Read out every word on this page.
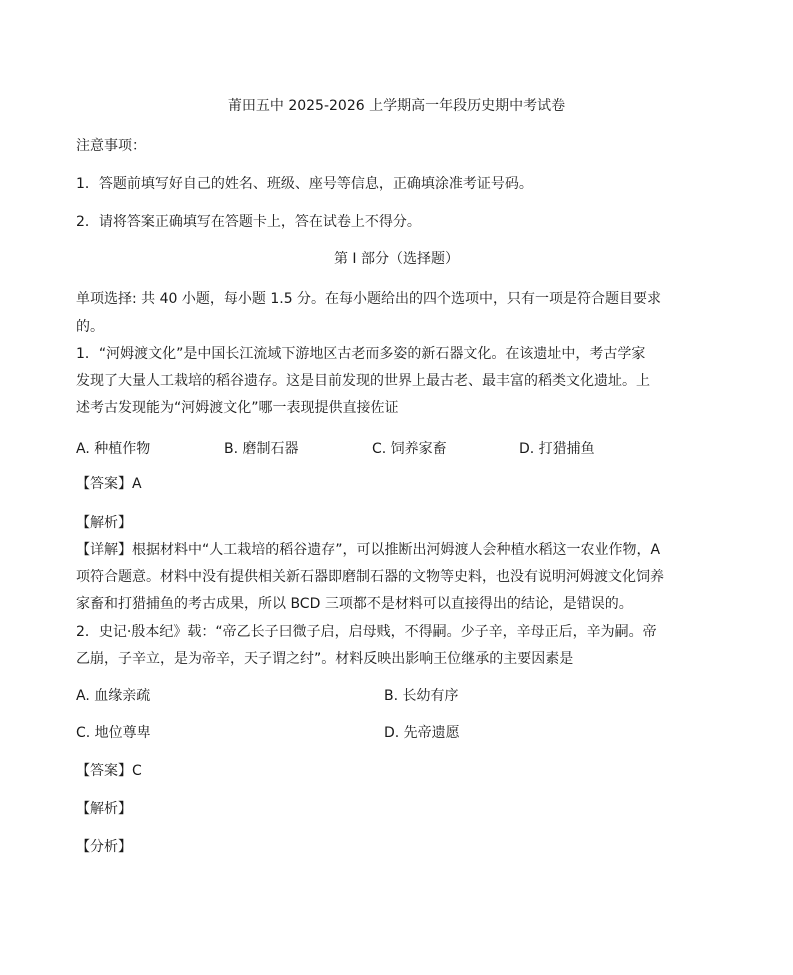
莆田五中 2025-2026 上学期高一年段历史期中考试卷
注意事项：
1．答题前填写好自己的姓名、班级、座号等信息，正确填涂准考证号码。
2．请将答案正确填写在答题卡上，答在试卷上不得分。
第 I 部分（选择题）
单项选择: 共 40 小题，每小题 1.5 分。在每小题给出的四个选项中，只有一项是符合题目要求
的。
1．“河姆渡文化”是中国长江流域下游地区古老而多姿的新石器文化。在该遗址中，考古学家
发现了大量人工栽培的稻谷遗存。这是目前发现的世界上最古老、最丰富的稻类文化遗址。上
述考古发现能为“河姆渡文化”哪一表现提供直接佐证
A. 种植作物	B. 磨制石器	C. 饲养家畜	D. 打猎捕鱼
【答案】A
【解析】
【详解】根据材料中“人工栽培的稻谷遗存”，可以推断出河姆渡人会种植水稻这一农业作物，A
项符合题意。材料中没有提供相关新石器即磨制石器的文物等史料，也没有说明河姆渡文化饲养
家畜和打猎捕鱼的考古成果，所以 BCD 三项都不是材料可以直接得出的结论，是错误的。
2．史记·殷本纪》载：“帝乙长子曰微子启，启母贱，不得嗣。少子辛，辛母正后，辛为嗣。帝
乙崩，子辛立，是为帝辛，天子谓之纣”。材料反映出影响王位继承的主要因素是
A. 血缘亲疏	B. 长幼有序
C. 地位尊卑	D. 先帝遗愿
【答案】C
【解析】
【分析】
